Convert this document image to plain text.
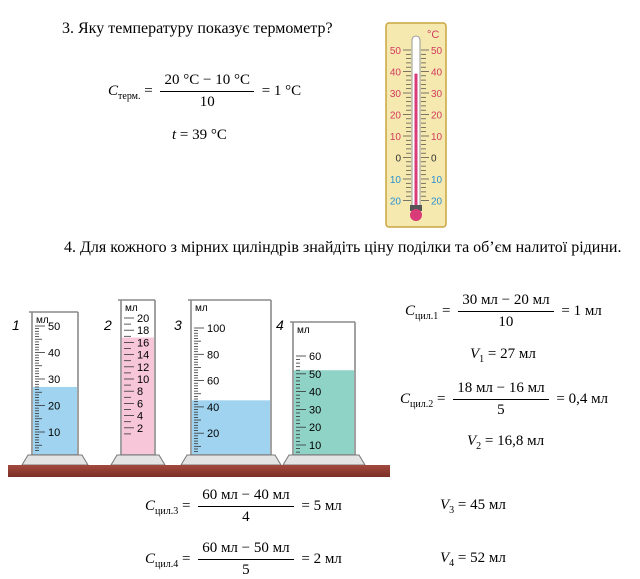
3. Яку температуру показує термометр?
$C_{терм.} = \frac{20 ^\circ С - 10 ^\circ С}{10} = 1$ °С
t = 39 °С
°С
50	50
40	40
30	30
20	20
10	10
0	0
10	10
20	20
4. Для кожного з мірних циліндрів знайдіть ціну поділки та об’єм налитої рідини.
мл
50
40
30
20
10
1
мл
20
18
16
14
12
10
8
6
4
2
2
мл
100
80
60
40
20
3	мл
60
50
40
30
20
10
4
$C_{цил.1} = \frac{30 мл - 20 мл}{10} = 1$ мл
$V_1 = 27$ мл
$C_{цил.2} = \frac{18 мл - 16 мл}{5} = 0,4$ мл
$V_2 = 16,8$ мл
$C_{цил.3} = \frac{60 мл - 40 мл}{4} = 5$ мл	$V_3 = 45$ мл
$C_{цил.4} = \frac{60 мл - 50 мл}{5} = 2$ мл	$V_4 = 52$ мл
